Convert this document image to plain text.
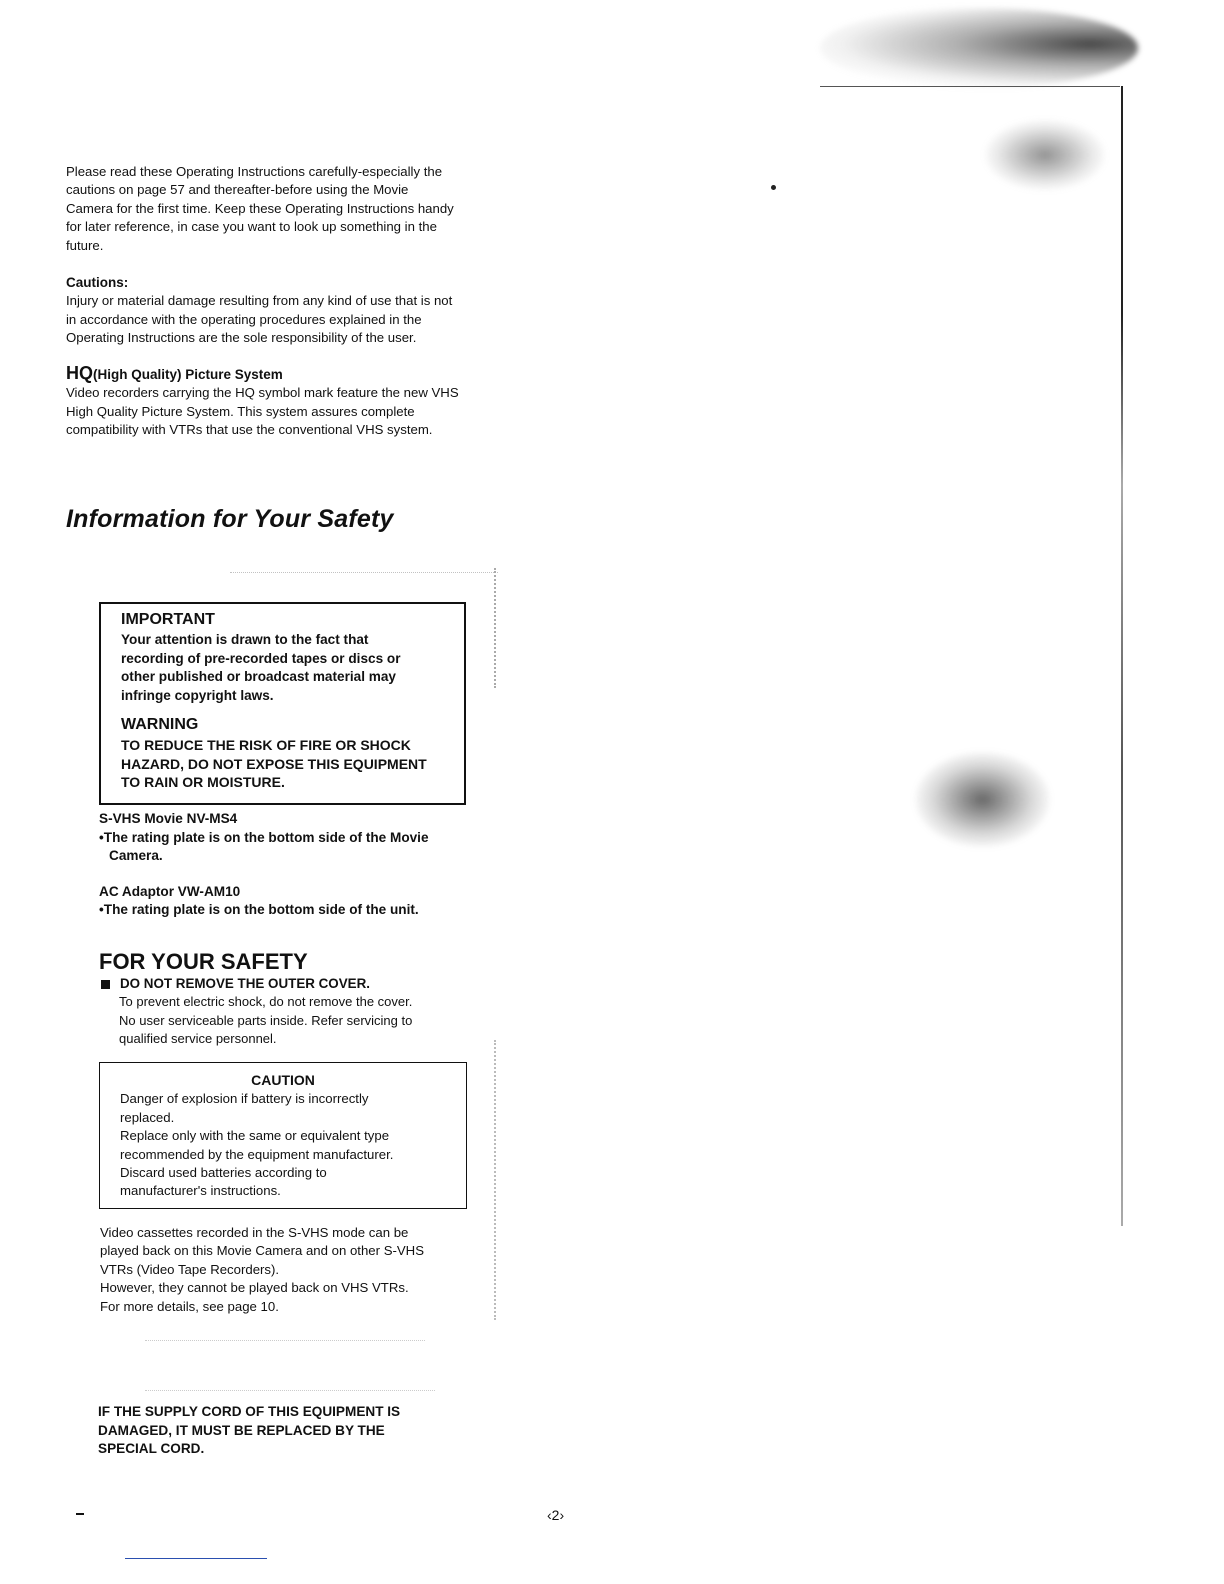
Please read these Operating Instructions carefully-especially the

cautions on page 57 and thereafter-before using the Movie

Camera for the first time. Keep these Operating Instructions handy

for later reference, in case you want to look up something in the

future.

Cautions:

Injury or material damage resulting from any kind of use that is not

in accordance with the operating procedures explained in the

Operating Instructions are the sole responsibility of the user.

HQ(High Quality) Picture System

Video recorders carrying the HQ symbol mark feature the new VHS

High Quality Picture System. This system assures complete

compatibility with VTRs that use the conventional VHS system.

Information for Your Safety

IMPORTANT

Your attention is drawn to the fact that

recording of pre-recorded tapes or discs or

other published or broadcast material may

infringe copyright laws.

WARNING

TO REDUCE THE RISK OF FIRE OR SHOCK

HAZARD, DO NOT EXPOSE THIS EQUIPMENT

TO RAIN OR MOISTURE.

S-VHS Movie NV-MS4

•The rating plate is on the bottom side of the Movie

Camera.

AC Adaptor VW-AM10

•The rating plate is on the bottom side of the unit.

FOR YOUR SAFETY
DO NOT REMOVE THE OUTER COVER.
To prevent electric shock, do not remove the cover.
No user serviceable parts inside. Refer servicing to
qualified service personnel.

CAUTION

Danger of explosion if battery is incorrectly

replaced.

Replace only with the same or equivalent type

recommended by the equipment manufacturer.

Discard used batteries according to

manufacturer's instructions.

Video cassettes recorded in the S-VHS mode can be

played back on this Movie Camera and on other S-VHS

VTRs (Video Tape Recorders).

However, they cannot be played back on VHS VTRs.

For more details, see page 10.

IF THE SUPPLY CORD OF THIS EQUIPMENT IS

DAMAGED, IT MUST BE REPLACED BY THE

SPECIAL CORD.

‹2›
